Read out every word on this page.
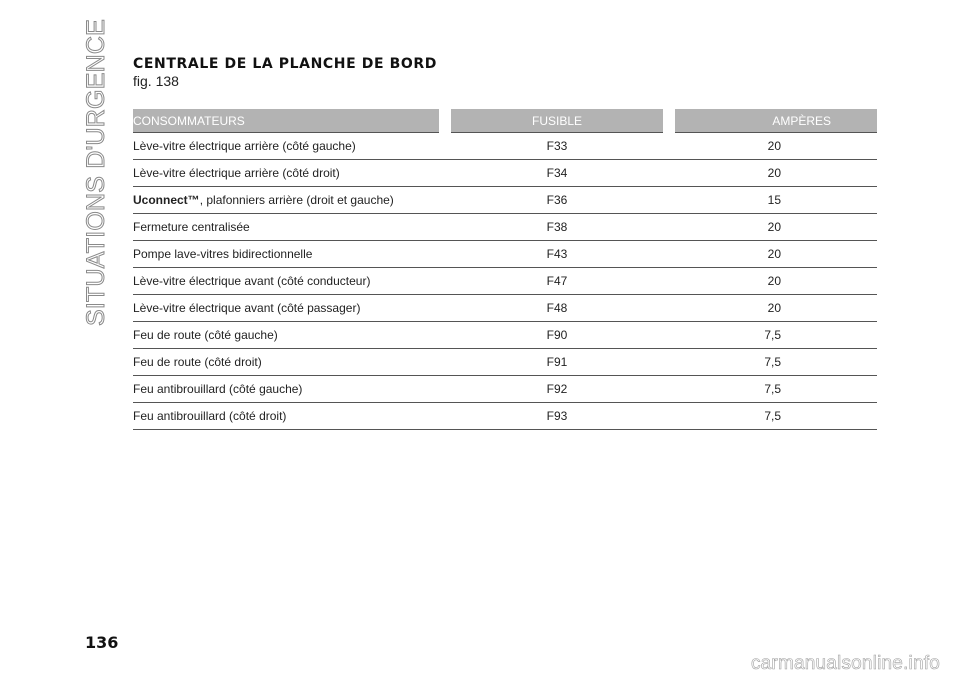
SITUATIONS D'URGENCE CENTRALE DE LA PLANCHE DE BORD
fig. 138
CONSOMMATEURS	FUSIBLE	AMPÈRES
Lève-vitre électrique arrière (côté gauche)	F33	20
Lève-vitre électrique arrière (côté droit)	F34	20
Uconnect™, plafonniers arrière (droit et gauche)	F36	15
Fermeture centralisée	F38	20
Pompe lave-vitres bidirectionnelle	F43	20
Lève-vitre électrique avant (côté conducteur)	F47	20
Lève-vitre électrique avant (côté passager)	F48	20
Feu de route (côté gauche)	F90	7,5
Feu de route (côté droit)	F91	7,5
Feu antibrouillard (côté gauche)	F92	7,5
Feu antibrouillard (côté droit)	F93	7,5
136
carmanualsonline.info
